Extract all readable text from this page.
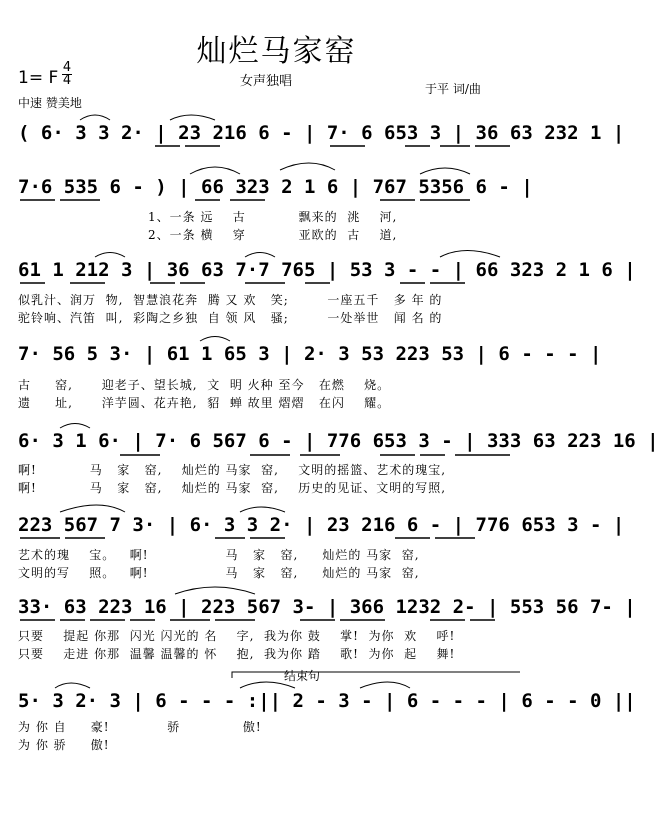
灿烂马家窑
1= F
4
4
中速 赞美地
女声独唱	于平 词/曲
( 6· 3 3 2· | 23 216 6 - | 7· 6 653 3 | 36 63 232 1 |
7·6 535 6 - ) | 66 323 2 1 6 | 767 5356 6 - |
1、一条 远    古           飘来的  洮    河,
2、一条 横    穿           亚欧的  古    道,
61 1 212 3 | 36 63 7·7 765 | 53 3 - - | 66 323 2 1 6 |
似乳汁、润万  物,  智慧浪花奔  腾 又 欢   笑;        一座五千   多 年 的
驼铃响、汽笛  叫,  彩陶之乡独  自 领 风   骚;        一处举世   闻 名 的
7· 56 5 3· | 61 1 65 3 | 2· 3 53 223 53 | 6 - - - |
古     窑,      迎老子、望长城,  文  明 火种 至今   在燃    烧。
遗     址,      洋芋圆、花卉艳,  貂  蝉 故里 熠熠   在闪    耀。
6· 3 1 6· | 7· 6 567 6 - | 776 653 3 - | 333 63 223 16 |
啊!           马   家   窑,    灿烂的 马家  窑,    文明的摇篮、艺术的瑰宝,
啊!           马   家   窑,    灿烂的 马家  窑,    历史的见证、文明的写照,
223 567 7 3· | 6· 3 3 2· | 23 216 6 - | 776 653 3 - |
艺术的瑰    宝。   啊!                马   家   窑,     灿烂的 马家  窑,
文明的写    照。   啊!                马   家   窑,     灿烂的 马家  窑,
33· 63 223 16 | 223 567 3- | 366 1232 2- | 553 56 7- |
只要    提起 你那  闪光 闪光的 名    字,  我为你 鼓    掌!  为你  欢    呼!
只要    走进 你那  温馨 温馨的 怀    抱,  我为你 踏    歌!  为你  起    舞!
结束句
5· 3 2· 3 | 6 - - - :|| 2 - 3 - | 6 - - - | 6 - - 0 ||
为 你 自     豪!            骄             傲!
为 你 骄     傲!
